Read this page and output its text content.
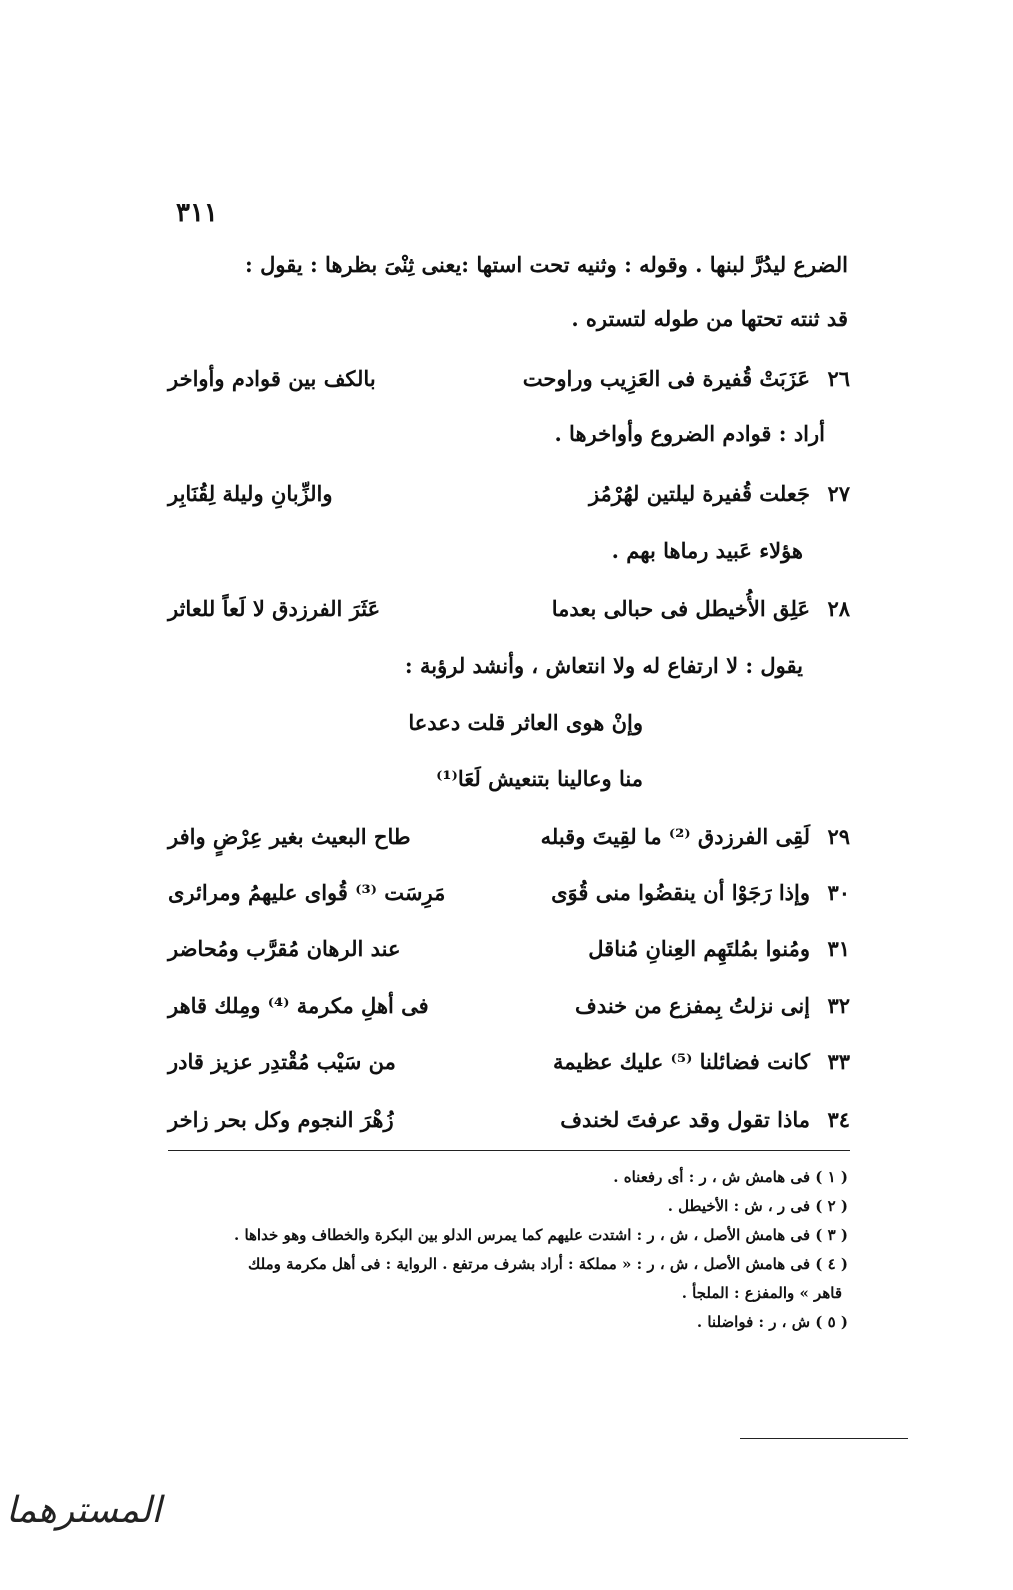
٣١١
الضرع ليدُرَّ لبنها . وقوله : وثنيه تحت استها :يعنى ثِنْىَ بظرها : يقول :
قد ثنته تحتها من طوله لتستره .
٢٦
عَزَبَتْ قُفيرة فى العَزِيب وراوحت
بالكف بين قوادم وأواخر
أراد : قوادم الضروع وأواخرها .
٢٧
جَعلت قُفيرة ليلتين لهُرْمُز
والزِّبانِ وليلة لِقُنَابِر
هؤلاء عَبيد رماها بهم .
٢٨
عَلِق الأُخيطل فى حبالى بعدما
عَثَرَ الفرزدق لا لَعاً للعاثر
يقول : لا ارتفاع له ولا انتعاش ، وأنشد لرؤبة :
وإنْ هوى العاثر قلت دعدعا
منا وعالينا بتنعيش لَعَا⁽¹⁾
٢٩
لَقِى الفرزدق ⁽²⁾ ما لقِيتَ وقبله
طاح البعيث بغير عِرْضٍ وافر
٣٠
وإذا رَجَوْا أن ينقضُوا منى قُوَى
مَرِسَت ⁽³⁾ قُواى عليهمُ ومرائرى
٣١
ومُنوا بمُلتَهِم العِنانِ مُناقل
عند الرهان مُقرَّب ومُحاضر
٣٢
إنى نزلتُ بِمفزع من خندف
فى أهلِ مكرمة ⁽⁴⁾ ومِلك قاهر
٣٣
كانت فضائلنا ⁽⁵⁾ عليك عظيمة
من سَيْب مُقْتدِر عزيز قادر
٣٤
ماذا تقول وقد عرفتَ لخندف
زُهْرَ النجوم وكل بحر زاخر
( ١ ) فى هامش ش ، ر : أى رفعناه .
( ٢ ) فى ر ، ش : الأخيطل .
( ٣ ) فى هامش الأصل ، ش ، ر : اشتدت عليهم كما يمرس الدلو بين البكرة والخطاف وهو خداها .
( ٤ ) فى هامش الأصل ، ش ، ر : « مملكة : أراد بشرف مرتفع . الرواية : فى أهل مكرمة وملك
قاهر » والمفزع : الملجأ .
( ٥ ) ش ، ر : فواضلنا .
المسترهما
